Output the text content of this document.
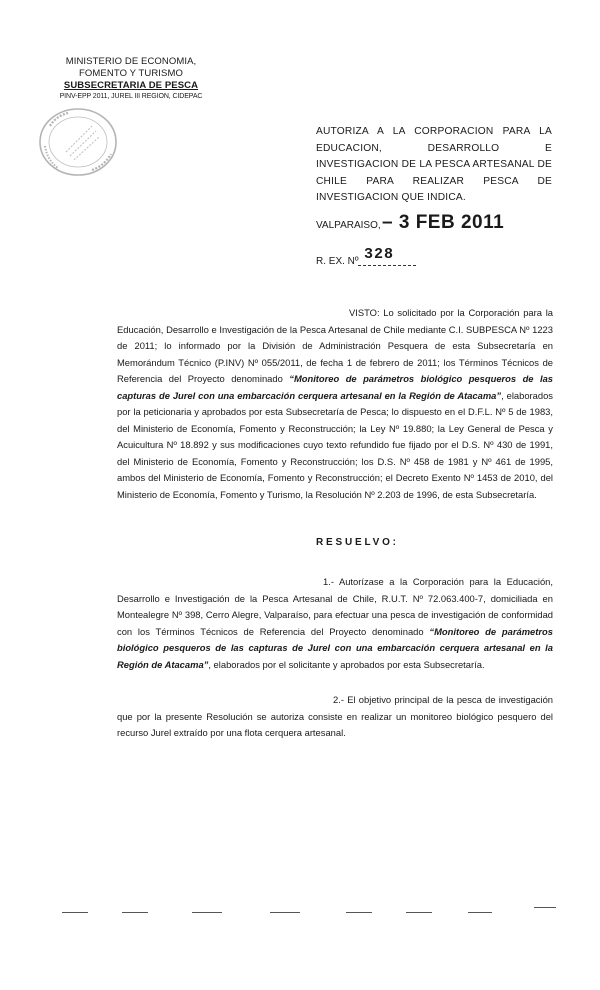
MINISTERIO DE ECONOMIA,
FOMENTO Y TURISMO
SUBSECRETARIA DE PESCA
PINV-EPP 2011, JUREL III REGION, CIDEPAC
AUTORIZA A LA CORPORACION PARA LA EDUCACION, DESARROLLO E INVESTIGACION DE LA PESCA ARTESANAL DE CHILE PARA REALIZAR PESCA DE INVESTIGACION QUE INDICA.
VALPARAISO, – 3 FEB 2011
R. EX. Nº 328
VISTO: Lo solicitado por la Corporación para la Educación, Desarrollo e Investigación de la Pesca Artesanal de Chile mediante C.I. SUBPESCA Nº 1223 de 2011; lo informado por la División de Administración Pesquera de esta Subsecretaría en Memorándum Técnico (P.INV) Nº 055/2011, de fecha 1 de febrero de 2011; los Términos Técnicos de Referencia del Proyecto denominado “Monitoreo de parámetros biológico pesqueros de las capturas de Jurel con una embarcación cerquera artesanal en la Región de Atacama”, elaborados por la peticionaria y aprobados por esta Subsecretaría de Pesca; lo dispuesto en el D.F.L. Nº 5 de 1983, del Ministerio de Economía, Fomento y Reconstrucción; la Ley Nº 19.880; la Ley General de Pesca y Acuicultura Nº 18.892 y sus modificaciones cuyo texto refundido fue fijado por el D.S. Nº 430 de 1991, del Ministerio de Economía, Fomento y Reconstrucción; los D.S. Nº 458 de 1981 y Nº 461 de 1995, ambos del Ministerio de Economía, Fomento y Reconstrucción; el Decreto Exento Nº 1453 de 2010, del Ministerio de Economía, Fomento y Turismo, la Resolución Nº 2.203 de 1996, de esta Subsecretaría.
RESUELVO:
1.- Autorízase a la Corporación para la Educación, Desarrollo e Investigación de la Pesca Artesanal de Chile, R.U.T. Nº 72.063.400-7, domiciliada en Montealegre Nº 398, Cerro Alegre, Valparaíso, para efectuar una pesca de investigación de conformidad con los Términos Técnicos de Referencia del Proyecto denominado “Monitoreo de parámetros biológico pesqueros de las capturas de Jurel con una embarcación cerquera artesanal en la Región de Atacama”, elaborados por el solicitante y aprobados por esta Subsecretaría.
2.- El objetivo principal de la pesca de investigación que por la presente Resolución se autoriza consiste en realizar un monitoreo biológico pesquero del recurso Jurel extraído por una flota cerquera artesanal.
